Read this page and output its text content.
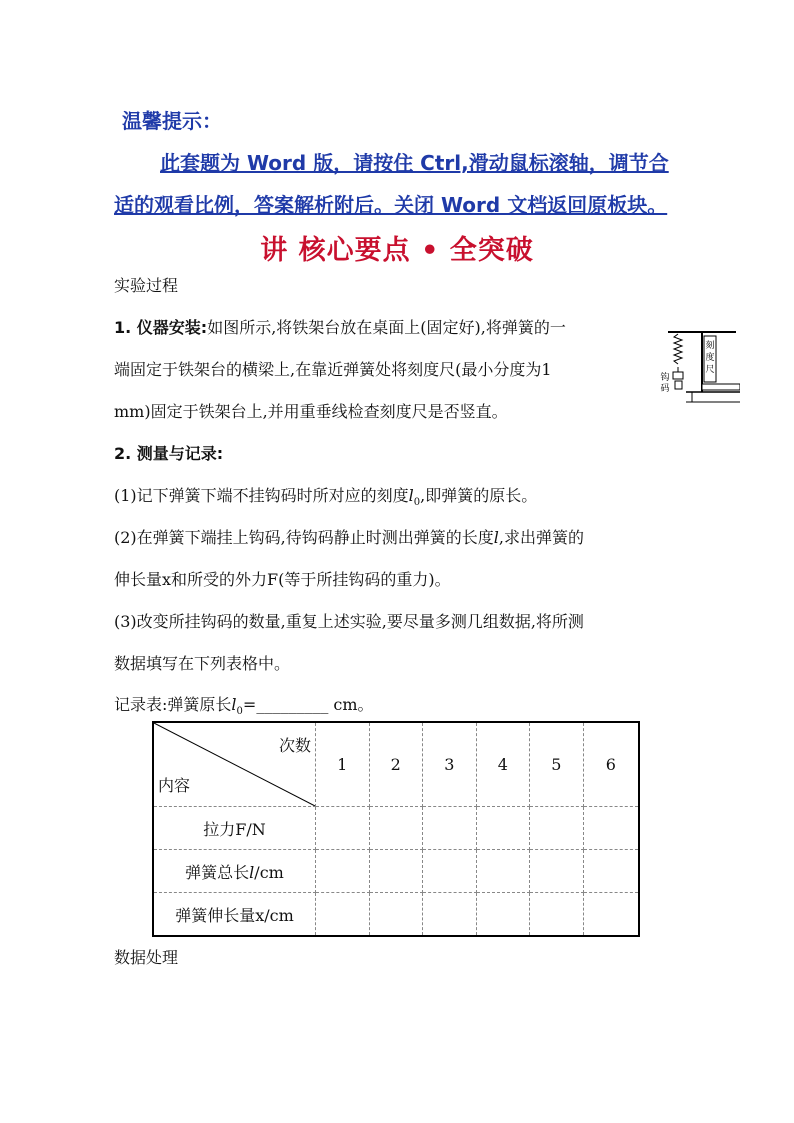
温馨提示：
此套题为 Word 版，请按住 Ctrl,滑动鼠标滚轴，调节合
适的观看比例，答案解析附后。关闭 Word 文档返回原板块。
讲 核心要点 • 全突破
实验过程
1. 仪器安装:如图所示,将铁架台放在桌面上(固定好),将弹簧的一
端固定于铁架台的横梁上,在靠近弹簧处将刻度尺(最小分度为1
mm)固定于铁架台上,并用重垂线检查刻度尺是否竖直。
刻
度
尺
钩
码
2. 测量与记录:
(1)记下弹簧下端不挂钩码时所对应的刻度$l_0$,即弹簧的原长。
(2)在弹簧下端挂上钩码,待钩码静止时测出弹簧的长度l,求出弹簧的
伸长量x和所受的外力F(等于所挂钩码的重力)。
(3)改变所挂钩码的数量,重复上述实验,要尽量多测几组数据,将所测
数据填写在下列表格中。
记录表:弹簧原长$l_0=\_\_\_\_\_\_\_\_\_$ cm。
次数
内容	1	2	3	4	5	6
拉力F/N						
弹簧总长l/cm						
弹簧伸长量x/cm						
数据处理
